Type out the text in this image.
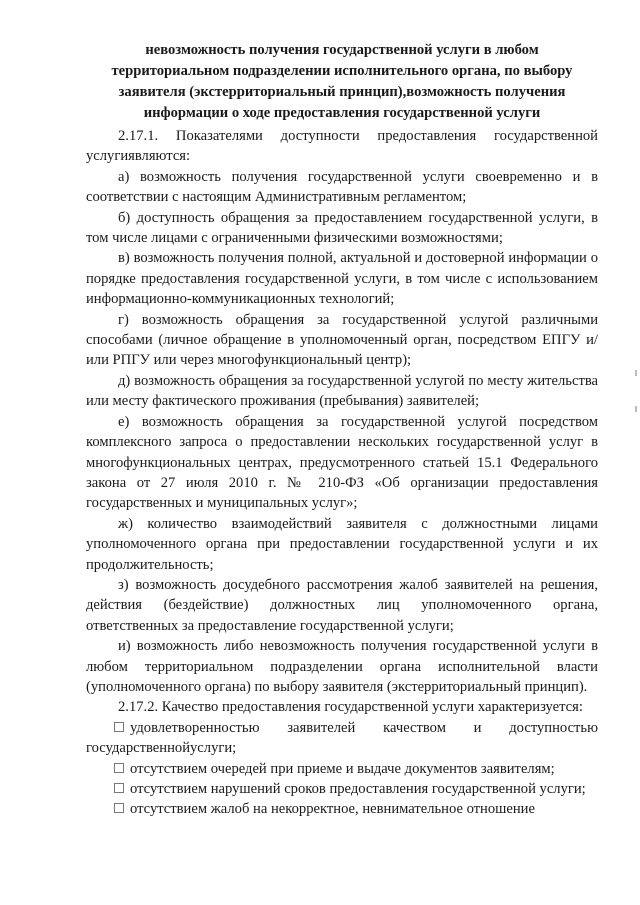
невозможность получения государственной услуги в любом территориальном подразделении исполнительного органа, по выбору заявителя (экстерриториальный принцип),возможность получения информации о ходе предоставления государственной услуги

2.17.1. Показателями доступности предоставления государственной услугиявляются:

а) возможность получения государственной услуги своевременно и в соответствии с настоящим Административным регламентом;

б) доступность обращения за предоставлением государственной услуги, в том числе лицами с ограниченными физическими возможностями;

в) возможность получения полной, актуальной и достоверной информации о порядке предоставления государственной услуги, в том числе с использованием информационно-коммуникационных технологий;

г) возможность обращения за государственной услугой различными способами (личное обращение в уполномоченный орган, посредством ЕПГУ и/или РПГУ или через многофункциональный центр);

д) возможность обращения за государственной услугой по месту жительства или месту фактического проживания (пребывания) заявителей;

е) возможность обращения за государственной услугой посредством комплексного запроса о предоставлении нескольких государственной услуг в многофункциональных центрах, предусмотренного статьей 15.1 Федерального закона от 27 июля 2010 г. № 210-ФЗ «Об организации предоставления государственных и муниципальных услуг»;

ж) количество взаимодействий заявителя с должностными лицами уполномоченного органа при предоставлении государственной услуги и их продолжительность;

з) возможность досудебного рассмотрения жалоб заявителей на решения, действия (бездействие) должностных лиц уполномоченного органа, ответственных за предоставление государственной услуги;

и) возможность либо невозможность получения государственной услуги в любом территориальном подразделении органа исполнительной власти (уполномоченного органа) по выбору заявителя (экстерриториальный принцип).

2.17.2. Качество предоставления государственной услуги характеризуется:

удовлетворенностью заявителей качеством и доступностью государственнойуслуги;

отсутствием очередей при приеме и выдаче документов заявителям;

отсутствием нарушений сроков предоставления государственной услуги;

отсутствием жалоб на некорректное, невнимательное отношение
